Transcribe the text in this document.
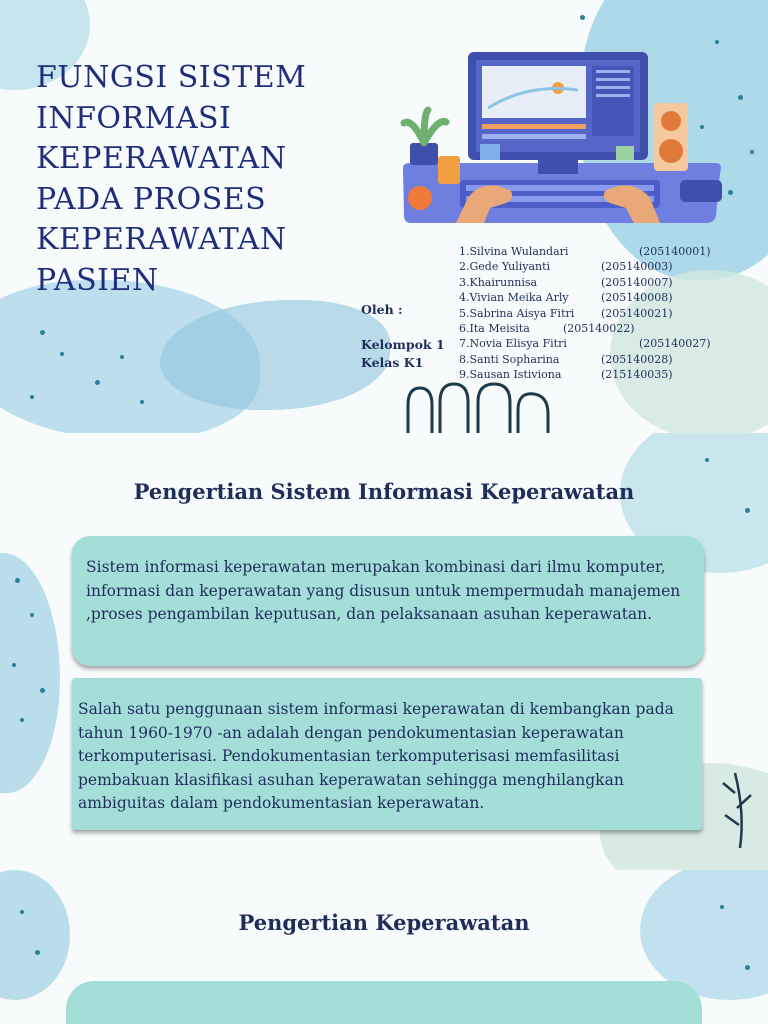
FUNGSI SISTEM INFORMASI KEPERAWATAN PADA PROSES KEPERAWATAN PASIEN
Oleh :
Kelompok 1
Kelas K1
1.Silvina Wulandari	(205140001)
2.Gede Yuliyanti	(205140003)
3.Khairunnisa	(205140007)
4.Vivian Meika Arly	(205140008)
5.Sabrina Aisya Fitri (205140021)
6.Ita Meisita	(205140022)
7.Novia Elisya Fitri	(205140027)
8.Santi Sopharina	(205140028)
9.Sausan Istiviona	(215140035)
Pengertian Sistem Informasi Keperawatan

Sistem informasi keperawatan merupakan kombinasi dari ilmu komputer, informasi dan keperawatan yang disusun untuk mempermudah manajemen ,proses pengambilan keputusan, dan pelaksanaan asuhan keperawatan.

Salah satu penggunaan sistem informasi keperawatan di kembangkan pada tahun 1960-1970 -an adalah dengan pendokumentasian keperawatan terkomputerisasi. Pendokumentasian terkomputerisasi memfasilitasi pembakuan klasifikasi asuhan keperawatan sehingga menghilangkan ambiguitas dalam pendokumentasian keperawatan.

Pengertian Keperawatan
